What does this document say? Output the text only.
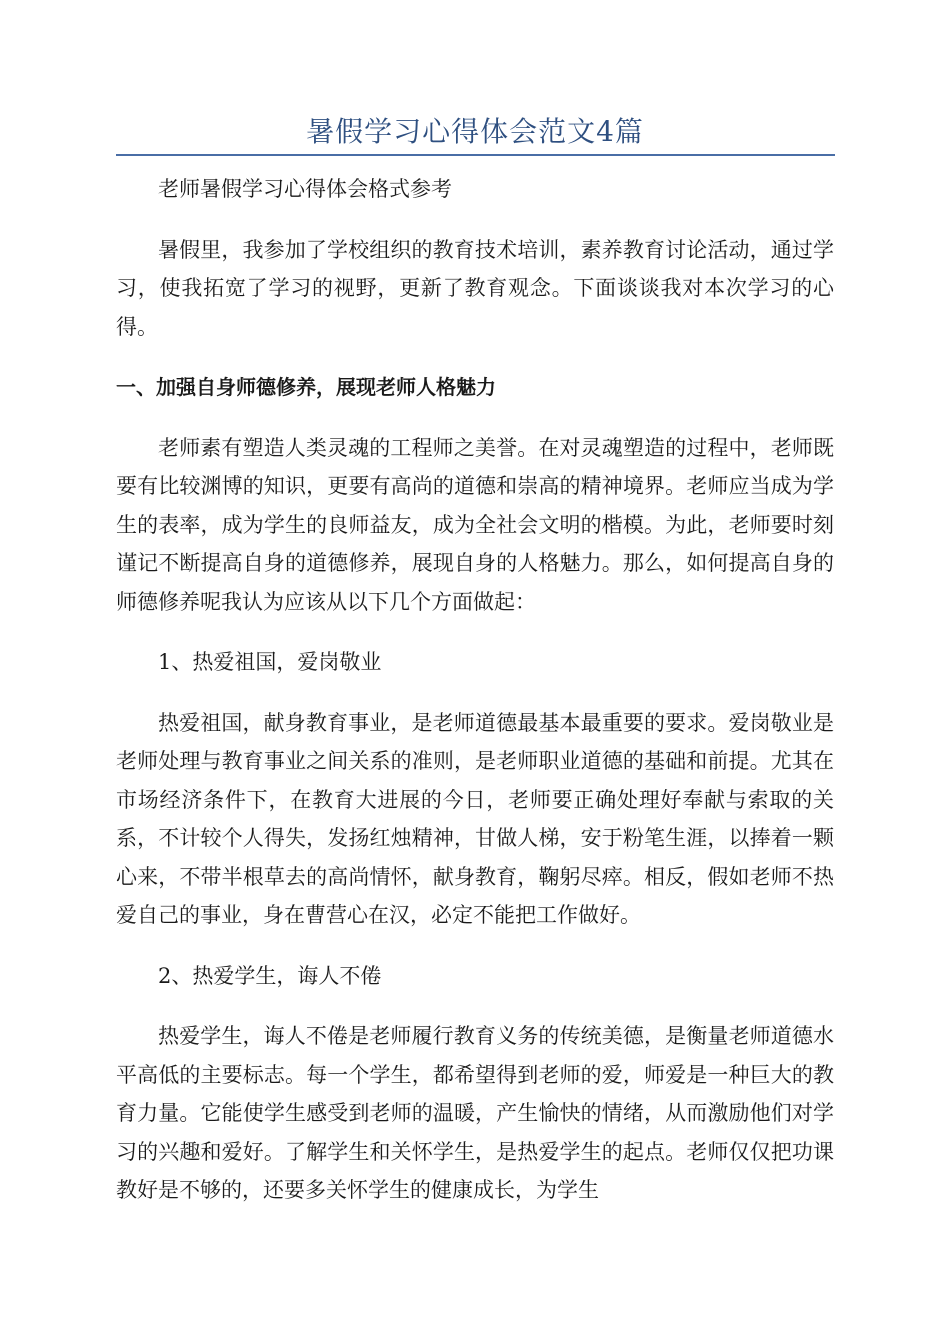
暑假学习心得体会范文4篇

老师暑假学习心得体会格式参考

暑假里，我参加了学校组织的教育技术培训，素养教育讨论活动，通过学习，使我拓宽了学习的视野，更新了教育观念。下面谈谈我对本次学习的心得。

一、加强自身师德修养，展现老师人格魅力

老师素有塑造人类灵魂的工程师之美誉。在对灵魂塑造的过程中，老师既要有比较渊博的知识，更要有高尚的道德和崇高的精神境界。老师应当成为学生的表率，成为学生的良师益友，成为全社会文明的楷模。为此，老师要时刻谨记不断提高自身的道德修养，展现自身的人格魅力。那么，如何提高自身的师德修养呢我认为应该从以下几个方面做起：

1、热爱祖国，爱岗敬业

热爱祖国，献身教育事业，是老师道德最基本最重要的要求。爱岗敬业是老师处理与教育事业之间关系的准则，是老师职业道德的基础和前提。尤其在市场经济条件下，在教育大进展的今日，老师要正确处理好奉献与索取的关系，不计较个人得失，发扬红烛精神，甘做人梯，安于粉笔生涯，以捧着一颗心来，不带半根草去的高尚情怀，献身教育，鞠躬尽瘁。相反，假如老师不热爱自己的事业，身在曹营心在汉，必定不能把工作做好。

2、热爱学生，诲人不倦

热爱学生，诲人不倦是老师履行教育义务的传统美德，是衡量老师道德水平高低的主要标志。每一个学生，都希望得到老师的爱，师爱是一种巨大的教育力量。它能使学生感受到老师的温暖，产生愉快的情绪，从而激励他们对学习的兴趣和爱好。了解学生和关怀学生，是热爱学生的起点。老师仅仅把功课教好是不够的，还要多关怀学生的健康成长，为学生
